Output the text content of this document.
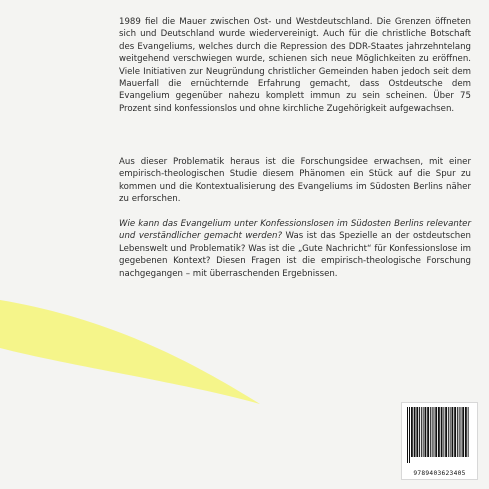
1989 fiel die Mauer zwischen Ost- und Westdeutschland. Die Grenzen öffneten sich und Deutschland wurde wiedervereinigt. Auch für die christliche Botschaft des Evangeliums, welches durch die Repression des DDR-Staates jahrzehntelang weitgehend verschwiegen wurde, schienen sich neue Möglichkeiten zu eröffnen. Viele Initiativen zur Neugründung christlicher Gemeinden haben jedoch seit dem Mauerfall die ernüchternde Erfahrung gemacht, dass Ostdeutsche dem Evangelium gegenüber nahezu komplett immun zu sein scheinen. Über 75 Prozent sind konfessionslos und ohne kirchliche Zugehörigkeit aufgewachsen.
Aus dieser Problematik heraus ist die Forschungsidee erwachsen, mit einer empirisch-theologischen Studie diesem Phänomen ein Stück auf die Spur zu kommen und die Kontextualisierung des Evangeliums im Südosten Berlins näher zu erforschen.
Wie kann das Evangelium unter Konfessionslosen im Südosten Berlins relevanter und verständlicher gemacht werden? Was ist das Spezielle an der ostdeutschen Lebenswelt und Problematik? Was ist die „Gute Nachricht“ für Konfessionslose im gegebenen Kontext? Diesen Fragen ist die empirisch-theologische Forschung nachgegangen – mit überraschenden Ergebnissen.
9789403623405
